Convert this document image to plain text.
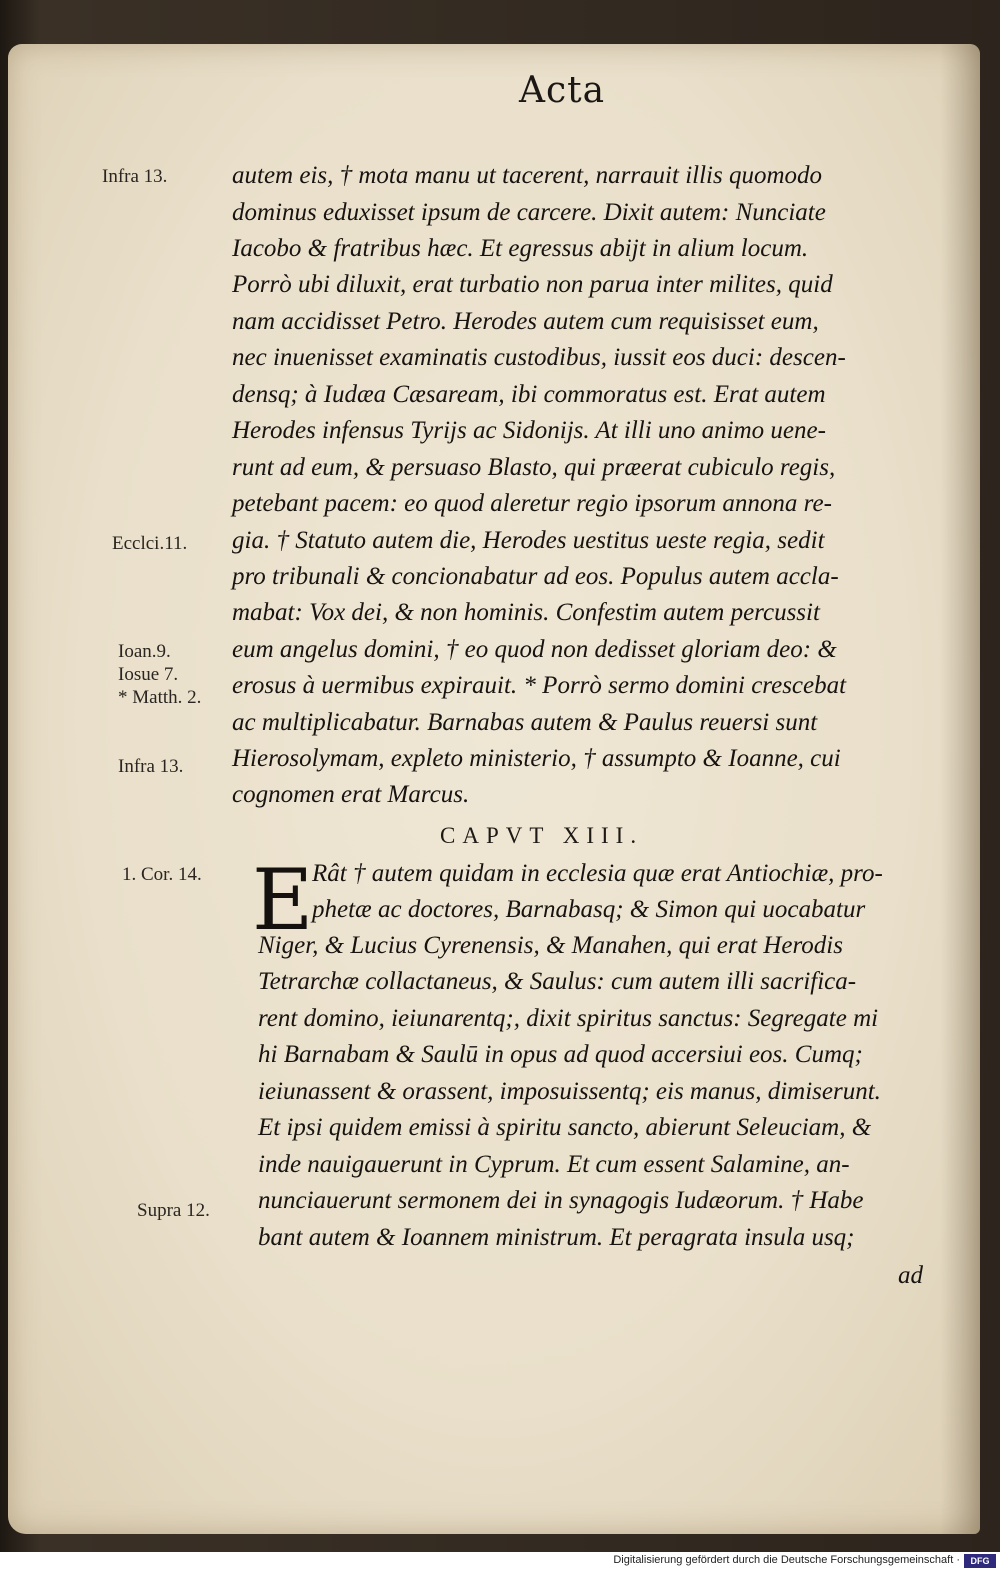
Acta
Infra 13.
Ecclci.11.
Ioan.9.
Iosue 7.
* Matth. 2.
Infra 13.
1. Cor. 14.
Supra 12.
autem eis, † mota manu ut tacerent, narrauit illis quomodo
dominus eduxisset ipsum de carcere. Dixit autem: Nunciate
Iacobo & fratribus hæc. Et egressus abijt in alium locum.
Porrò ubi diluxit, erat turbatio non parua inter milites, quid
nam accidisset Petro. Herodes autem cum requisisset eum,
nec inuenisset examinatis custodibus, iussit eos duci: descen-
densq; à Iudæa Cæsaream, ibi commoratus est. Erat autem
Herodes infensus Tyrijs ac Sidonijs. At illi uno animo uene-
runt ad eum, & persuaso Blasto, qui præerat cubiculo regis,
petebant pacem: eo quod aleretur regio ipsorum annona re-
gia. † Statuto autem die, Herodes uestitus ueste regia, sedit
pro tribunali & concionabatur ad eos. Populus autem accla-
mabat: Vox dei, & non hominis. Confestim autem percussit
eum angelus domini, † eo quod non dedisset gloriam deo: &
erosus à uermibus expirauit. * Porrò sermo domini crescebat
ac multiplicabatur. Barnabas autem & Paulus reuersi sunt
Hierosolymam, expleto ministerio, † assumpto & Ioanne, cui
cognomen erat Marcus.
CAPVT XIII.
E
Rât † autem quidam in ecclesia quæ erat Antiochiæ, pro-
phetæ ac doctores, Barnabasq; & Simon qui uocabatur
Niger, & Lucius Cyrenensis, & Manahen, qui erat Herodis
Tetrarchæ collactaneus, & Saulus: cum autem illi sacrifica-
rent domino, ieiunarentq;, dixit spiritus sanctus: Segregate mi
hi Barnabam & Saulū in opus ad quod accersiui eos. Cumq;
ieiunassent & orassent, imposuissentq; eis manus, dimiserunt.
Et ipsi quidem emissi à spiritu sancto, abierunt Seleuciam, &
inde nauigauerunt in Cyprum. Et cum essent Salamine, an-
nunciauerunt sermonem dei in synagogis Iudæorum. † Habe
bant autem & Ioannem ministrum. Et peragrata insula usq;
ad
Digitalisierung gefördert durch die Deutsche Forschungsgemeinschaft ·	DFG
